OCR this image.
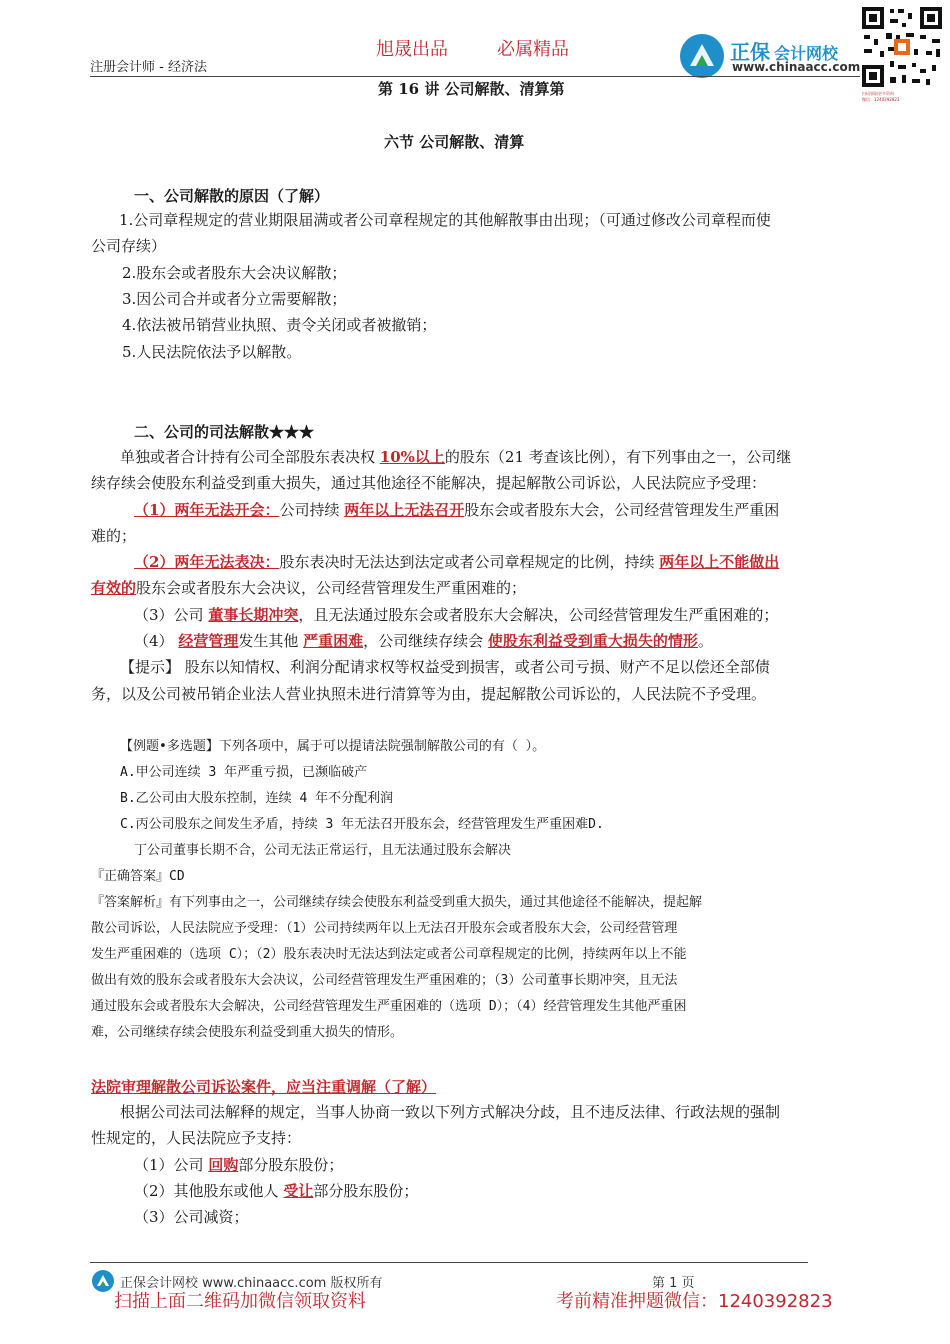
注册会计师 - 经济法
旭晟出品	必属精品	正保 会计网校
www.chinaacc.com
扫码领取更多资料
微信：1240392823
第 16 讲 公司解散、清算第
六节 公司解散、清算
一、公司解散的原因（了解）
1.公司章程规定的营业期限届满或者公司章程规定的其他解散事由出现；（可通过修改公司章程而使
公司存续）
2.股东会或者股东大会决议解散；
3.因公司合并或者分立需要解散；
4.依法被吊销营业执照、责令关闭或者被撤销；
5.人民法院依法予以解散。
二、公司的司法解散★★★
单独或者合计持有公司全部股东表决权 10%以上的股东（21 考查该比例），有下列事由之一，公司继
续存续会使股东利益受到重大损失，通过其他途径不能解决，提起解散公司诉讼，人民法院应予受理：
（1）两年无法开会：公司持续 两年以上无法召开股东会或者股东大会，公司经营管理发生严重困
难的；
（2）两年无法表决：股东表决时无法达到法定或者公司章程规定的比例，持续 两年以上不能做出
有效的股东会或者股东大会决议，公司经营管理发生严重困难的；
（3）公司 董事长期冲突，且无法通过股东会或者股东大会解决，公司经营管理发生严重困难的；
（4） 经营管理发生其他 严重困难，公司继续存续会 使股东利益受到重大损失的情形。
【提示】 股东以知情权、利润分配请求权等权益受到损害，或者公司亏损、财产不足以偿还全部债
务，以及公司被吊销企业法人营业执照未进行清算等为由，提起解散公司诉讼的，人民法院不予受理。
【例题•多选题】下列各项中，属于可以提请法院强制解散公司的有（ ）。
A.甲公司连续 3 年严重亏损，已濒临破产
B.乙公司由大股东控制，连续 4 年不分配利润
C.丙公司股东之间发生矛盾，持续 3 年无法召开股东会，经营管理发生严重困难D.
丁公司董事长期不合，公司无法正常运行，且无法通过股东会解决
『正确答案』CD
『答案解析』有下列事由之一，公司继续存续会使股东利益受到重大损失，通过其他途径不能解决，提起解
散公司诉讼，人民法院应予受理：（1）公司持续两年以上无法召开股东会或者股东大会，公司经营管理
发生严重困难的（选项 C）；（2）股东表决时无法达到法定或者公司章程规定的比例，持续两年以上不能
做出有效的股东会或者股东大会决议，公司经营管理发生严重困难的；（3）公司董事长期冲突，且无法
通过股东会或者股东大会解决，公司经营管理发生严重困难的（选项 D）；（4）经营管理发生其他严重困
难，公司继续存续会使股东利益受到重大损失的情形。
法院审理解散公司诉讼案件，应当注重调解（了解）
根据公司法司法解释的规定，当事人协商一致以下列方式解决分歧，且不违反法律、行政法规的强制
性规定的，人民法院应予支持：
（1）公司 回购部分股东股份；
（2）其他股东或他人 受让部分股东股份；
（3）公司减资；
正保会计网校 www.chinaacc.com 版权所有	第 1 页
扫描上面二维码加微信领取资料	考前精准押题微信：1240392823
